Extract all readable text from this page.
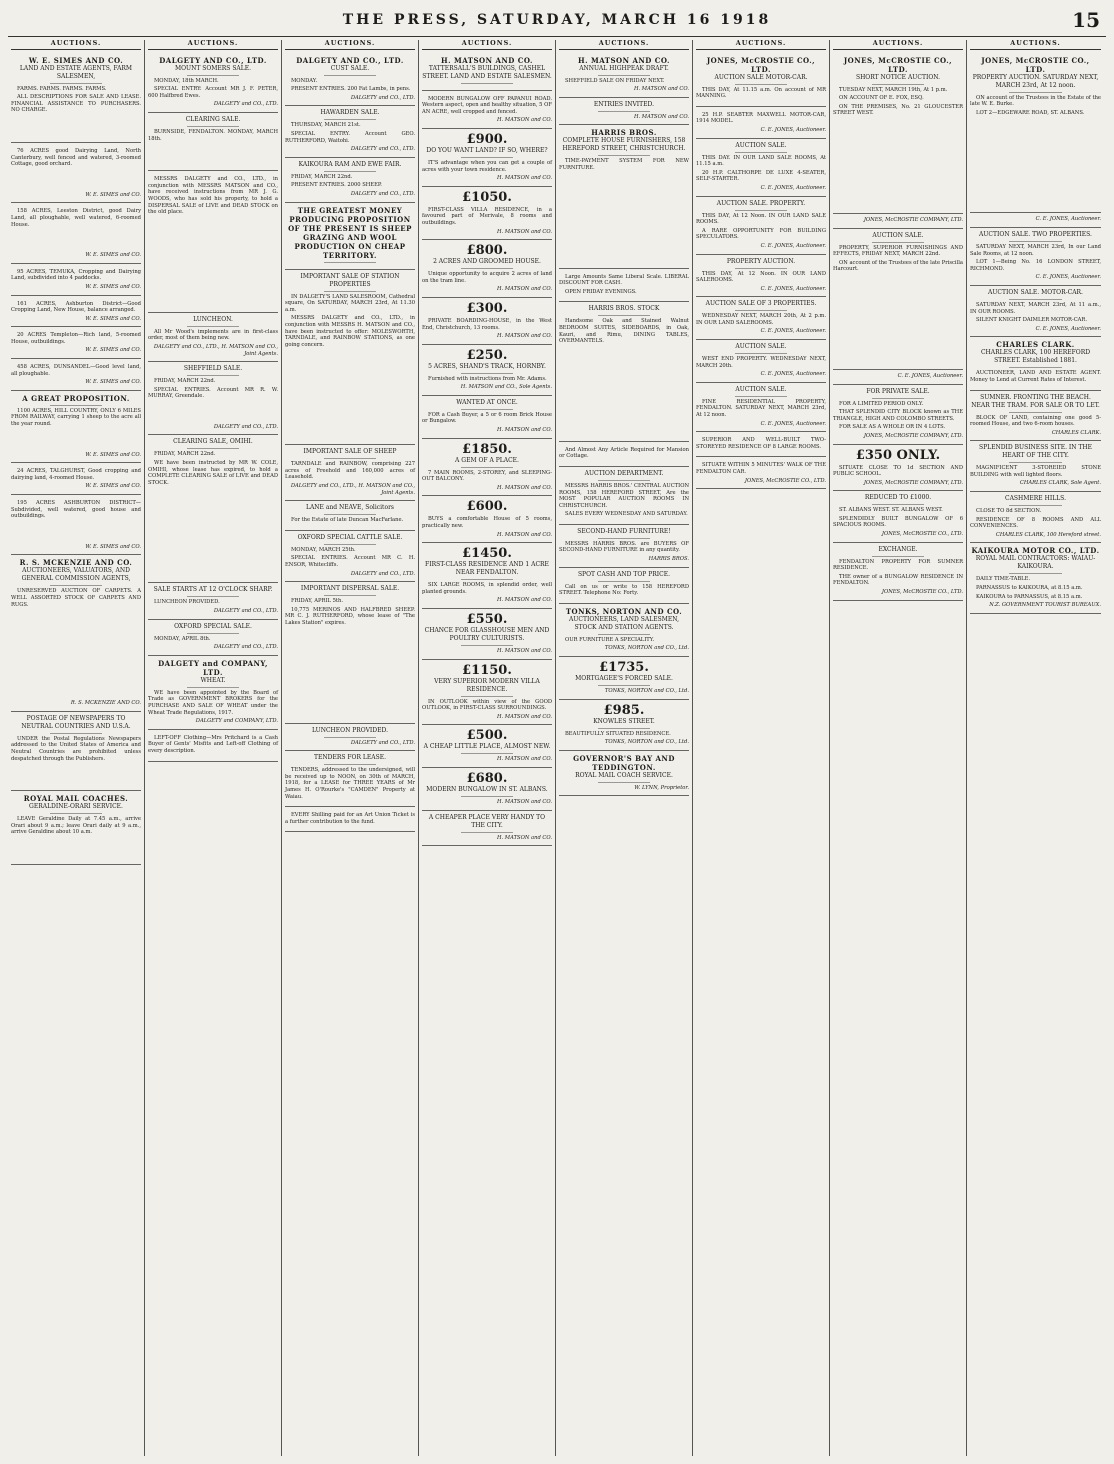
THE PRESS, SATURDAY, MARCH 16 1918	15
AUCTIONS.
W. E. SIMES AND CO.
LAND AND ESTATE AGENTS, FARM SALESMEN,
FARMS. FARMS. FARMS. FARMS.
ALL DESCRIPTIONS FOR SALE AND LEASE. FINANCIAL ASSISTANCE TO PURCHASERS. NO CHARGE.
76 ACRES good Dairying Land, North Canterbury, well fenced and watered, 3-roomed Cottage, good orchard.
W. E. SIMES and CO.
158 ACRES, Leeston District, good Dairy Land, all ploughable, well watered, 6-roomed House.
W. E. SIMES and CO.
95 ACRES, TEMUKA, Cropping and Dairying Land, subdivided into 4 paddocks.
W. E. SIMES and CO.
161 ACRES, Ashburton District—Good Cropping Land, New House, balance arranged.
W. E. SIMES and CO.
20 ACRES Templeton—Rich land, 5-roomed House, outbuildings.
W. E. SIMES and CO.
458 ACRES, DUNSANDEL—Good level land, all ploughable.
W. E. SIMES and CO.
A GREAT PROPOSITION.
1100 ACRES, HILL COUNTRY, ONLY 6 MILES FROM RAILWAY, carrying 1 sheep to the acre all the year round.
W. E. SIMES and CO.
24 ACRES, TALGHURST, Good cropping and dairying land, 4-roomed House.
W. E. SIMES and CO.
195 ACRES ASHBURTON DISTRICT—Subdivided, well watered, good house and outbuildings.
W. E. SIMES and CO.
R. S. MCKENZIE AND CO.
AUCTIONEERS, VALUATORS, AND GENERAL COMMISSION AGENTS,
UNRESERVED AUCTION OF CARPETS. A WELL ASSORTED STOCK OF CARPETS AND RUGS.
R. S. MCKENZIE AND CO.
POSTAGE OF NEWSPAPERS TO NEUTRAL COUNTRIES AND U.S.A.
UNDER the Postal Regulations Newspapers addressed to the United States of America and Neutral Countries are prohibited unless despatched through the Publishers.
ROYAL MAIL COACHES.
GERALDINE-ORARI SERVICE.
LEAVE Geraldine Daily at 7.45 a.m., arrive Orari about 9 a.m.; leave Orari daily at 9 a.m., arrive Geraldine about 10 a.m.
AUCTIONS.
DALGETY AND CO., LTD.
MOUNT SOMERS SALE.
MONDAY, 18th MARCH.
SPECIAL ENTRY: Account MR J. F. PETER, 600 Halfbred Ewes.
DALGETY and CO., LTD.
CLEARING SALE.
BURNSIDE, FENDALTON. MONDAY, MARCH 18th.
MESSRS DALGETY and CO., LTD., in conjunction with MESSRS MATSON and CO., have received instructions from MR J. G. WOODS, who has sold his property, to hold a DISPERSAL SALE of LIVE and DEAD STOCK on the old place.
LUNCHEON.
All Mr Wood's implements are in first-class order, most of them being new.
DALGETY and CO., LTD., H. MATSON and CO., Joint Agents.
SHEFFIELD SALE.
FRIDAY, MARCH 22nd.
SPECIAL ENTRIES. Account MR R. W. MURRAY, Greendale.
DALGETY and CO., LTD.
CLEARING SALE, OMIHI.
FRIDAY, MARCH 22nd.
WE have been instructed by MR W. COLE, OMIHI, whose lease has expired, to hold a COMPLETE CLEARING SALE of LIVE and DEAD STOCK.
SALE STARTS AT 12 O'CLOCK SHARP.
LUNCHEON PROVIDED.
DALGETY and CO., LTD.
OXFORD SPECIAL SALE.
MONDAY, APRIL 8th.
DALGETY and CO., LTD.
DALGETY and COMPANY, LTD.
WHEAT.
WE have been appointed by the Board of Trade as GOVERNMENT BROKERS for the PURCHASE AND SALE OF WHEAT under the Wheat Trade Regulations, 1917.
DALGETY and COMPANY, LTD.
LEFT-OFF Clothing—Mrs Pritchard is a Cash Buyer of Gents' Misfits and Left-off Clothing of every description.
AUCTIONS.
DALGETY AND CO., LTD.
CUST SALE.
MONDAY.
PRESENT ENTRIES. 200 Fat Lambs, in pens.
DALGETY and CO., LTD.
HAWARDEN SALE.
THURSDAY, MARCH 21st.
SPECIAL ENTRY. Account GEO. RUTHERFORD, Waitohi.
DALGETY and CO., LTD.
KAIKOURA RAM AND EWE FAIR.
FRIDAY, MARCH 22nd.
PRESENT ENTRIES. 2000 SHEEP.
DALGETY and CO., LTD.
THE GREATEST MONEY PRODUCING PROPOSITION OF THE PRESENT IS SHEEP GRAZING AND WOOL PRODUCTION ON CHEAP TERRITORY.
IMPORTANT SALE OF STATION PROPERTIES
IN DALGETY'S LAND SALESROOM, Cathedral square, On SATURDAY, MARCH 23rd, At 11.30 a.m.
MESSRS DALGETY and CO., LTD., in conjunction with MESSRS H. MATSON and CO., have been instructed to offer: MOLESWORTH, TARNDALE, and RAINBOW STATIONS, as one going concern.
IMPORTANT SALE OF SHEEP
TARNDALE and RAINBOW, comprising 227 acres of Freehold and 160,000 acres of Leasehold.
DALGETY and CO., LTD., H. MATSON and CO., Joint Agents.
LANE and NEAVE, Solicitors
For the Estate of late Duncan MacFarlane.
OXFORD SPECIAL CATTLE SALE.
MONDAY, MARCH 25th.
SPECIAL ENTRIES. Account MR C. H. ENSOR, Whitecliffs.
DALGETY and CO., LTD.
IMPORTANT DISPERSAL SALE.
FRIDAY, APRIL 5th.
10,775 MERINOS AND HALFBRED SHEEP. MR C. J. RUTHERFORD, whose lease of "The Lakes Station" expires.
LUNCHEON PROVIDED.
DALGETY and CO., LTD.
TENDERS FOR LEASE.
TENDERS, addressed to the undersigned, will be received up to NOON, on 30th of MARCH, 1918, for a LEASE for THREE YEARS of Mr James H. O'Rourke's "CAMDEN" Property at Waiau.
EVERY Shilling paid for an Art Union Ticket is a further contribution to the fund.
AUCTIONS.
H. MATSON AND CO.
TATTERSALL'S BUILDINGS, CASHEL STREET. LAND AND ESTATE SALESMEN.
MODERN BUNGALOW OFF PAPANUI ROAD. Western aspect, open and healthy situation, 5 OF AN ACRE, well cropped and fenced.
H. MATSON and CO.
£900.
DO YOU WANT LAND? IF SO, WHERE?
IT'S advantage when you can get a couple of acres with your town residence.
H. MATSON and CO.
£1050.
FIRST-CLASS VILLA RESIDENCE, in a favoured part of Merivale, 8 rooms and outbuildings.
H. MATSON and CO.
£800.
2 ACRES AND GROOMED HOUSE.
Unique opportunity to acquire 2 acres of land on the tram line.
H. MATSON and CO.
£300.
PRIVATE BOARDING-HOUSE, in the West End, Christchurch, 13 rooms.
H. MATSON and CO.
£250.
5 ACRES, SHAND'S TRACK, HORNBY.
Furnished with instructions from Mr. Adams.
H. MATSON and CO., Sole Agents.
WANTED AT ONCE.
FOR a Cash Buyer, a 5 or 6 room Brick House or Bungalow.
H. MATSON and CO.
£1850.
A GEM OF A PLACE.
7 MAIN ROOMS, 2-STOREY, and SLEEPING-OUT BALCONY.
H. MATSON and CO.
£600.
BUYS a comfortable House of 5 rooms, practically new.
H. MATSON and CO.
£1450.
FIRST-CLASS RESIDENCE AND 1 ACRE NEAR FENDALTON.
SIX LARGE ROOMS, in splendid order, well planted grounds.
H. MATSON and CO.
£550.
CHANCE FOR GLASSHOUSE MEN AND POULTRY CULTURISTS.
H. MATSON and CO.
£1150.
VERY SUPERIOR MODERN VILLA RESIDENCE.
IN OUTLOOK within view of the GOOD OUTLOOK, in FIRST-CLASS SURROUNDINGS.
H. MATSON and CO.
£500.
A CHEAP LITTLE PLACE, ALMOST NEW.
H. MATSON and CO.
£680.
MODERN BUNGALOW IN ST. ALBANS.
H. MATSON and CO.
A CHEAPER PLACE VERY HANDY TO THE CITY.
H. MATSON and CO.
AUCTIONS.
H. MATSON AND CO.
ANNUAL HIGHPEAK DRAFT.
SHEFFIELD SALE ON FRIDAY NEXT.
H. MATSON and CO.
ENTRIES INVITED.
H. MATSON and CO.
HARRIS BROS.
COMPLETE HOUSE FURNISHERS, 158 HEREFORD STREET, CHRISTCHURCH.
TIME-PAYMENT SYSTEM FOR NEW FURNITURE.
Large Amounts Same Liberal Scale. LIBERAL DISCOUNT FOR CASH.
OPEN FRIDAY EVENINGS.
HARRIS BROS. STOCK
Handsome Oak and Stained Walnut BEDROOM SUITES, SIDEBOARDS, in Oak, Kauri, and Rimu, DINING TABLES, OVERMANTELS.
And Almost Any Article Required for Mansion or Cottage.
AUCTION DEPARTMENT.
MESSRS HARRIS BROS.' CENTRAL AUCTION ROOMS, 158 HEREFORD STREET, Are the MOST POPULAR AUCTION ROOMS IN CHRISTCHURCH.
SALES EVERY WEDNESDAY AND SATURDAY.
SECOND-HAND FURNITURE!
MESSRS HARRIS BROS. are BUYERS OF SECOND-HAND FURNITURE in any quantity.
HARRIS BROS.
SPOT CASH AND TOP PRICE.
Call on us or write to 158 HEREFORD STREET. Telephone No: Forty.
TONKS, NORTON AND CO.
AUCTIONEERS, LAND SALESMEN, STOCK AND STATION AGENTS.
OUR FURNITURE A SPECIALITY.
TONKS, NORTON and CO., Ltd.
£1735.
MORTGAGEE'S FORCED SALE.
TONKS, NORTON and CO., Ltd.
£985.
KNOWLES STREET.
BEAUTIFULLY SITUATED RESIDENCE.
TONKS, NORTON and CO., Ltd.
GOVERNOR'S BAY AND TEDDINGTON.
ROYAL MAIL COACH SERVICE.
W. LYNN, Proprietor.
AUCTIONS.
JONES, McCROSTIE CO., LTD.
AUCTION SALE MOTOR-CAR.
THIS DAY, At 11.15 a.m. On account of MR MANNING.
25 H.P. SEABTER MAXWELL MOTOR-CAR, 1914 MODEL.
C. E. JONES, Auctioneer.
AUCTION SALE.
THIS DAY. IN OUR LAND SALE ROOMS, At 11.15 a.m.
20 H.P. CALTHORPE DE LUXE 4-SEATER, SELF-STARTER.
C. E. JONES, Auctioneer.
AUCTION SALE. PROPERTY.
THIS DAY, At 12 Noon. IN OUR LAND SALE ROOMS.
A RARE OPPORTUNITY FOR BUILDING SPECULATORS.
C. E. JONES, Auctioneer.
PROPERTY AUCTION.
THIS DAY, At 12 Noon. IN OUR LAND SALEROOMS.
C. E. JONES, Auctioneer.
AUCTION SALE OF 3 PROPERTIES.
WEDNESDAY NEXT, MARCH 20th, At 2 p.m. IN OUR LAND SALEROOMS.
C. E. JONES, Auctioneer.
AUCTION SALE.
WEST END PROPERTY. WEDNESDAY NEXT, MARCH 20th.
C. E. JONES, Auctioneer.
AUCTION SALE.
FINE RESIDENTIAL PROPERTY, FENDALTON. SATURDAY NEXT, MARCH 23rd, At 12 noon.
C. E. JONES, Auctioneer.
SUPERIOR AND WELL-BUILT TWO-STOREYED RESIDENCE OF 8 LARGE ROOMS.
SITUATE WITHIN 5 MINUTES' WALK OF THE FENDALTON CAR.
JONES, McCROSTIE CO., LTD.
AUCTIONS.
JONES, McCROSTIE CO., LTD.
SHORT NOTICE AUCTION.
TUESDAY NEXT, MARCH 19th, At 1 p.m.
ON ACCOUNT OF E. FOX, ESQ.
ON THE PREMISES, No. 21 GLOUCESTER STREET WEST.
JONES, McCROSTIE COMPANY, LTD.
AUCTION SALE.
PROPERTY, SUPERIOR FURNISHINGS AND EFFECTS, FRIDAY NEXT, MARCH 22nd.
ON account of the Trustees of the late Priscilla Harcourt.
C. E. JONES, Auctioneer.
FOR PRIVATE SALE.
FOR A LIMITED PERIOD ONLY.
THAT SPLENDID CITY BLOCK known as THE TRIANGLE, HIGH AND COLOMBO STREETS.
FOR SALE AS A WHOLE OR IN 4 LOTS.
JONES, McCROSTIE COMPANY, LTD.
£350 ONLY.
SITUATE CLOSE TO 1d SECTION AND PUBLIC SCHOOL.
JONES, McCROSTIE COMPANY, LTD.
REDUCED TO £1000.
ST. ALBANS WEST. ST. ALBANS WEST.
SPLENDIDLY BUILT BUNGALOW OF 6 SPACIOUS ROOMS.
JONES, McCROSTIE CO., LTD.
EXCHANGE.
FENDALTON PROPERTY FOR SUMNER RESIDENCE.
THE owner of a BUNGALOW RESIDENCE IN FENDALTON.
JONES, McCROSTIE CO., LTD.
AUCTIONS.
JONES, McCROSTIE CO., LTD.
PROPERTY AUCTION. SATURDAY NEXT, MARCH 23rd, At 12 noon.
ON account of the Trustees in the Estate of the late W. E. Burke.
LOT 2—EDGEWARE ROAD, ST. ALBANS.
C. E. JONES, Auctioneer.
AUCTION SALE. TWO PROPERTIES.
SATURDAY NEXT, MARCH 23rd, In our Land Sale Rooms, at 12 noon.
LOT 1—Being No. 16 LONDON STREET, RICHMOND.
C. E. JONES, Auctioneer.
AUCTION SALE. MOTOR-CAR.
SATURDAY NEXT, MARCH 23rd, At 11 a.m., IN OUR ROOMS.
SILENT KNIGHT DAIMLER MOTOR-CAR.
C. E. JONES, Auctioneer.
CHARLES CLARK.
CHARLES CLARK, 100 HEREFORD STREET. Established 1881.
AUCTIONEER, LAND AND ESTATE AGENT. Money to Lend at Current Rates of Interest.
SUMNER. FRONTING THE BEACH. NEAR THE TRAM. FOR SALE OR TO LET.
BLOCK OF LAND, containing one good 5-roomed House, and two 6-room houses.
CHARLES CLARK.
SPLENDID BUSINESS SITE. IN THE HEART OF THE CITY.
MAGNIFICENT 3-STOREIED STONE BUILDING with well lighted floors.
CHARLES CLARK, Sole Agent.
CASHMERE HILLS.
CLOSE TO 8d SECTION.
RESIDENCE OF 8 ROOMS AND ALL CONVENIENCES.
CHARLES CLARK, 100 Hereford street.
KAIKOURA MOTOR CO., LTD.
ROYAL MAIL CONTRACTORS: WAIAU-KAIKOURA.
DAILY TIME-TABLE.
PARNASSUS to KAIKOURA, at 8.15 a.m.
KAIKOURA to PARNASSUS, at 8.15 a.m.
N.Z. GOVERNMENT TOURIST BUREAUX.
